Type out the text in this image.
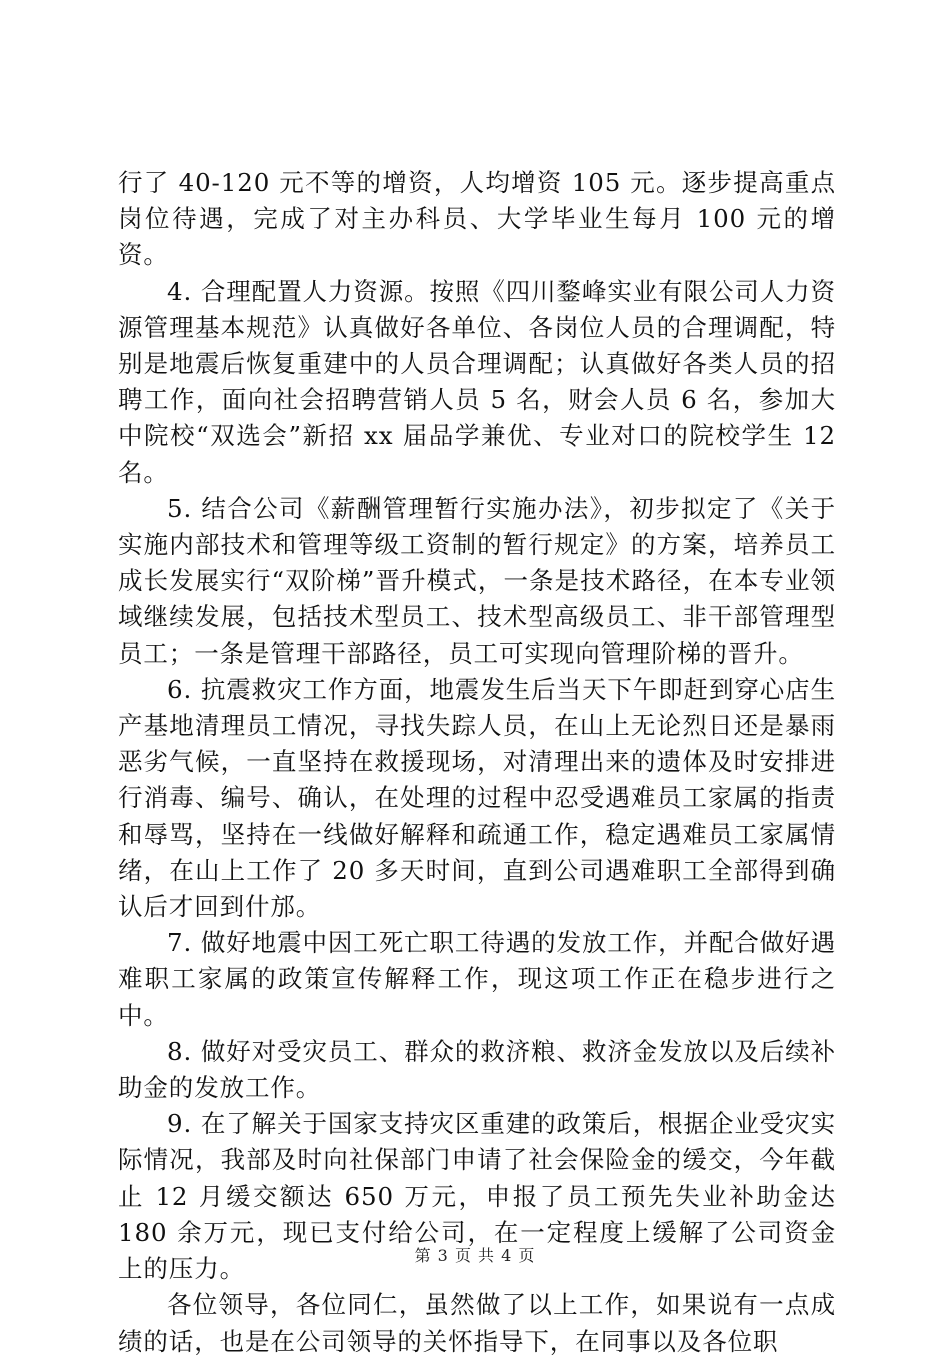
行了 40-120 元不等的增资，人均增资 105 元。逐步提高重点岗位待遇，完成了对主办科员、大学毕业生每月 100 元的增资。

4. 合理配置人力资源。按照《四川鍪峰实业有限公司人力资源管理基本规范》认真做好各单位、各岗位人员的合理调配，特别是地震后恢复重建中的人员合理调配；认真做好各类人员的招聘工作，面向社会招聘营销人员 5 名，财会人员 6 名，参加大中院校“双选会”新招 xx 届品学兼优、专业对口的院校学生 12 名。

5. 结合公司《薪酬管理暂行实施办法》，初步拟定了《关于实施内部技术和管理等级工资制的暂行规定》的方案，培养员工成长发展实行“双阶梯”晋升模式，一条是技术路径，在本专业领域继续发展，包括技术型员工、技术型高级员工、非干部管理型员工；一条是管理干部路径，员工可实现向管理阶梯的晋升。

6. 抗震救灾工作方面，地震发生后当天下午即赶到穿心店生产基地清理员工情况，寻找失踪人员，在山上无论烈日还是暴雨恶劣气候，一直坚持在救援现场，对清理出来的遗体及时安排进行消毒、编号、确认，在处理的过程中忍受遇难员工家属的指责和辱骂，坚持在一线做好解释和疏通工作，稳定遇难员工家属情绪，在山上工作了 20 多天时间，直到公司遇难职工全部得到确认后才回到什邡。

7. 做好地震中因工死亡职工待遇的发放工作，并配合做好遇难职工家属的政策宣传解释工作，现这项工作正在稳步进行之中。

8. 做好对受灾员工、群众的救济粮、救济金发放以及后续补助金的发放工作。

9. 在了解关于国家支持灾区重建的政策后，根据企业受灾实际情况，我部及时向社保部门申请了社会保险金的缓交，今年截止 12 月缓交额达 650 万元，申报了员工预先失业补助金达 180 余万元，现已支付给公司，在一定程度上缓解了公司资金上的压力。

各位领导，各位同仁，虽然做了以上工作，如果说有一点成绩的话，也是在公司领导的关怀指导下，在同事以及各位职

第 3 页 共 4 页
